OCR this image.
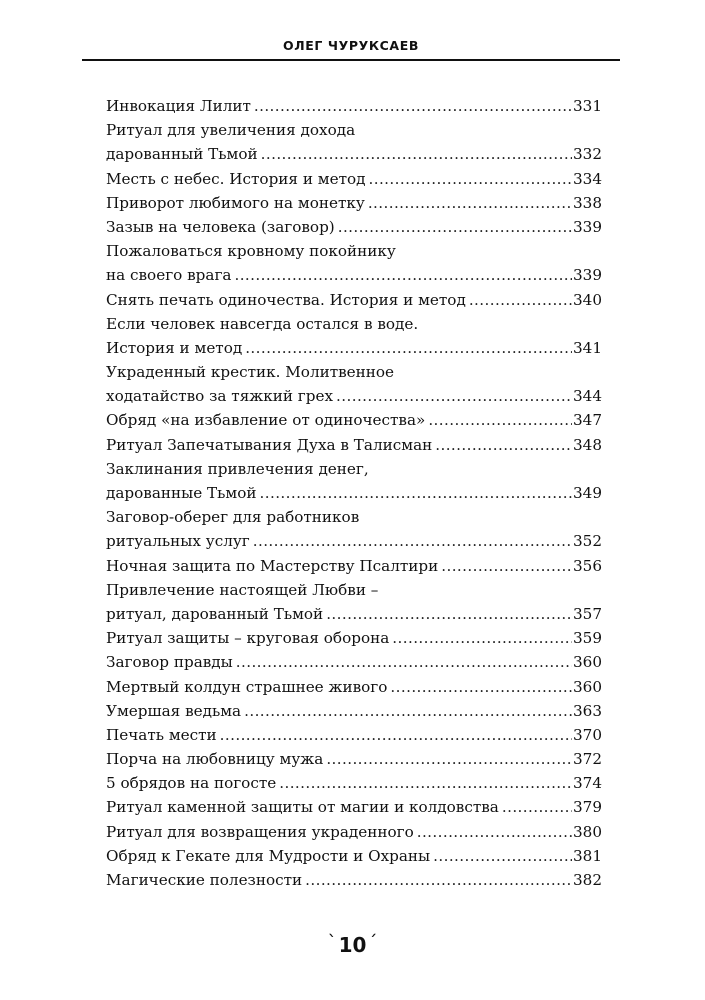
ОЛЕГ ЧУРУКСАЕВ
Инвокация Лилит .....	331
Ритуал для увеличения дохода
дарованный Тьмой .....	332
Месть с небес. История и метод .....	334
Приворот любимого на монетку .....	338
Зазыв на человека (заговор) .....	339
Пожаловаться кровному покойнику
на своего врага .....	339
Снять печать одиночества. История и метод .....	340
Если человек навсегда остался в воде.
История и метод .....	341
Украденный крестик. Молитвенное
ходатайство за тяжкий грех .....	344
Обряд «на избавление от одиночества» .....	347
Ритуал Запечатывания Духа в Талисман .....	348
Заклинания привлечения денег,
дарованные Тьмой .....	349
Заговор-оберег для работников
ритуальных услуг .....	352
Ночная защита по Мастерству Псалтири .....	356
Привлечение настоящей Любви –
ритуал, дарованный Тьмой .....	357
Ритуал защиты – круговая оборона .....	359
Заговор правды .....	360
Мертвый колдун страшнее живого .....	360
Умершая ведьма .....	363
Печать мести .....	370
Порча на любовницу мужа .....	372
5 обрядов на погосте .....	374
Ритуал каменной защиты от магии и колдовства .....	379
Ритуал для возвращения украденного .....	380
Обряд к Гекате для Мудрости и Охраны .....	381
Магические полезности .....	382
` 10 ´
